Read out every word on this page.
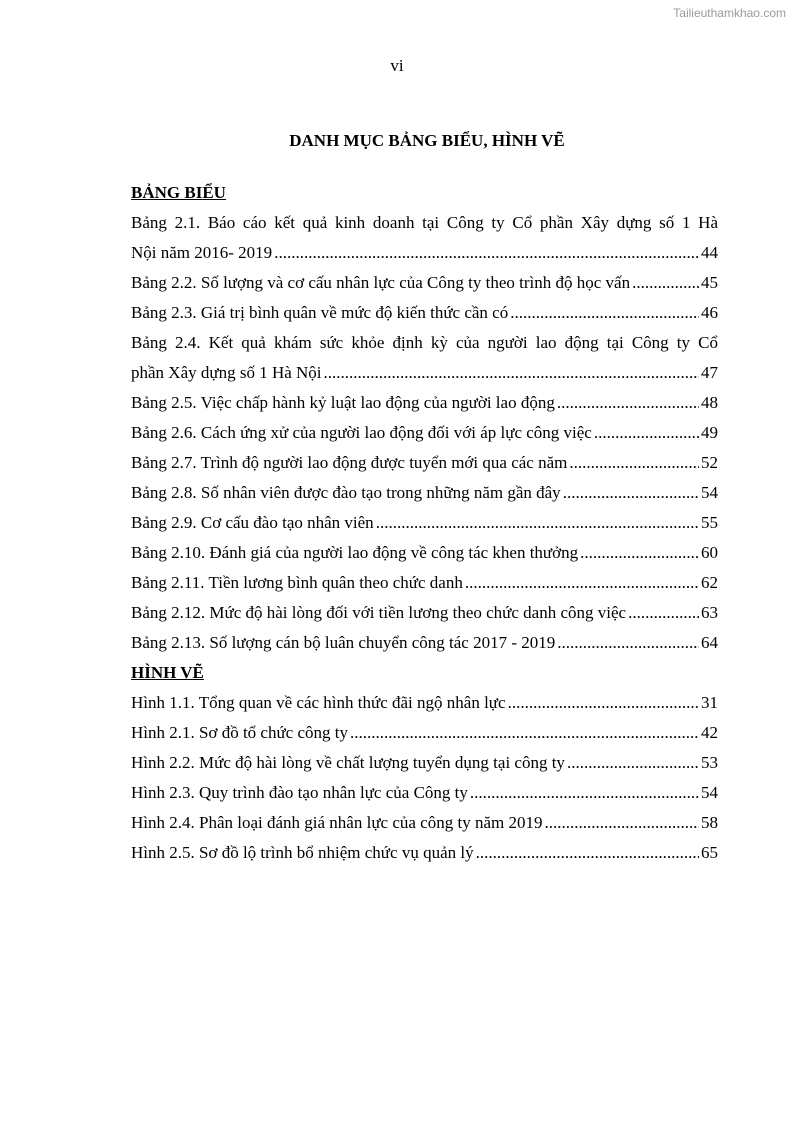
Tailieuthamkhao.com
vi
DANH MỤC BẢNG BIỂU, HÌNH VẼ
BẢNG BIỂU
Bảng 2.1. Báo cáo kết quả kinh doanh tại Công ty Cổ phần Xây dựng số 1 Hà
Nội năm 2016- 2019 .....	44
Bảng 2.2. Số lượng và cơ cấu nhân lực của Công ty theo trình độ học vấn .....	45
Bảng 2.3. Giá trị bình quân về mức độ kiến thức cần có .....	46
Bảng 2.4. Kết quả khám sức khỏe định kỳ của người lao động tại Công ty Cổ
phần Xây dựng số 1 Hà Nội .....	47
Bảng 2.5. Việc chấp hành kỷ luật lao động của người lao động .....	48
Bảng 2.6. Cách ứng xử của người lao động đối với áp lực công việc .....	49
Bảng 2.7. Trình độ người lao động được tuyển mới qua các năm .....	52
Bảng 2.8. Số nhân viên được đào tạo trong những năm gần đây .....	54
Bảng 2.9. Cơ cấu đào tạo nhân viên .....	55
Bảng 2.10. Đánh giá của người lao động về công tác khen thưởng .....	60
Bảng 2.11. Tiền lương bình quân theo chức danh .....	62
Bảng 2.12. Mức độ hài lòng đối với tiền lương theo chức danh công việc .....	63
Bảng 2.13. Số lượng cán bộ luân chuyển công tác 2017 - 2019 .....	64
HÌNH VẼ
Hình 1.1. Tổng quan về các hình thức đãi ngộ nhân lực .....	31
Hình 2.1. Sơ đồ tổ chức công ty .....	42
Hình 2.2. Mức độ hài lòng về chất lượng tuyển dụng tại công ty .....	53
Hình 2.3. Quy trình đào tạo nhân lực của Công ty .....	54
Hình 2.4. Phân loại đánh giá nhân lực của công ty năm 2019 .....	58
Hình 2.5. Sơ đồ lộ trình bổ nhiệm chức vụ quản lý .....	65
